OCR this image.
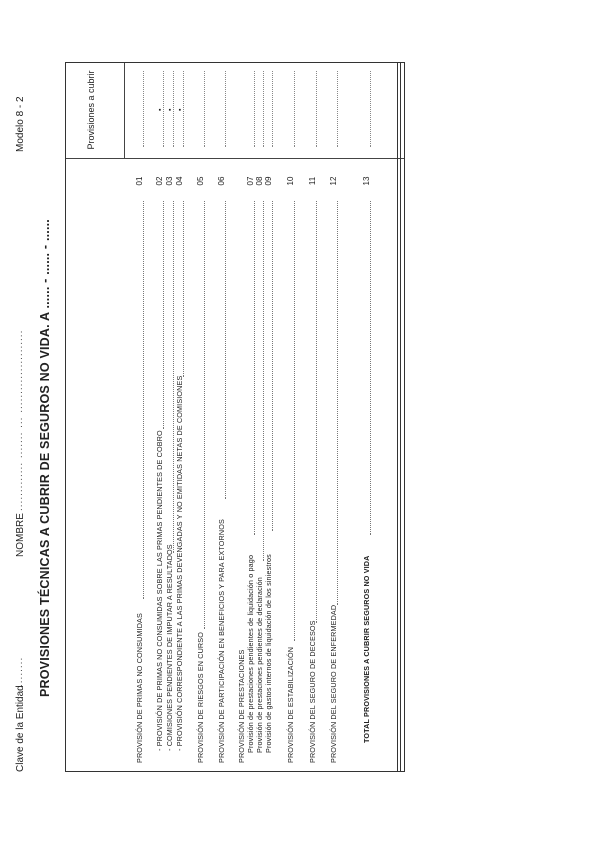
Clave de la Entidad
........
NOMBRE
............. ....... ... ......................
Modelo 8 - 2
PROVISIONES TÉCNICAS A CUBRIR DE SEGUROS NO VIDA. A ...... - ...... - ......
Provisiones a cubrir
PROVISIÓN DE PRIMAS NO CONSUMIDAS
01
- PROVISIÓN DE PRIMAS NO CONSUMIDAS SOBRE LAS PRIMAS PENDIENTES DE COBRO
02
▪
- COMISIONES PENDIENTES DE IMPUTAR A RESULTADOS
03
▪
- PROVISIÓN CORRESPONDIENTE A LAS PRIMAS DEVENGADAS Y NO EMITIDAS NETAS DE COMISIONES
04
▪
PROVISIÓN DE RIESGOS EN CURSO
05
PROVISIÓN DE PARTICIPACIÓN EN BENEFICIOS Y PARA EXTORNOS
06
PROVISIÓN DE PRESTACIONES Provisión de prestaciones pendientes de liquidación o pago
07
Provisión de prestaciones pendientes de declaración
08
Provisión de gastos internos de liquidación de los siniestros
09
PROVISIÓN DE ESTABILIZACIÓN
10
PROVISIÓN DEL SEGURO DE DECESOS
11
PROVISIÓN DEL SEGURO DE ENFERMEDAD
12
TOTAL PROVISIONES A CUBRIR SEGUROS NO VIDA
13
